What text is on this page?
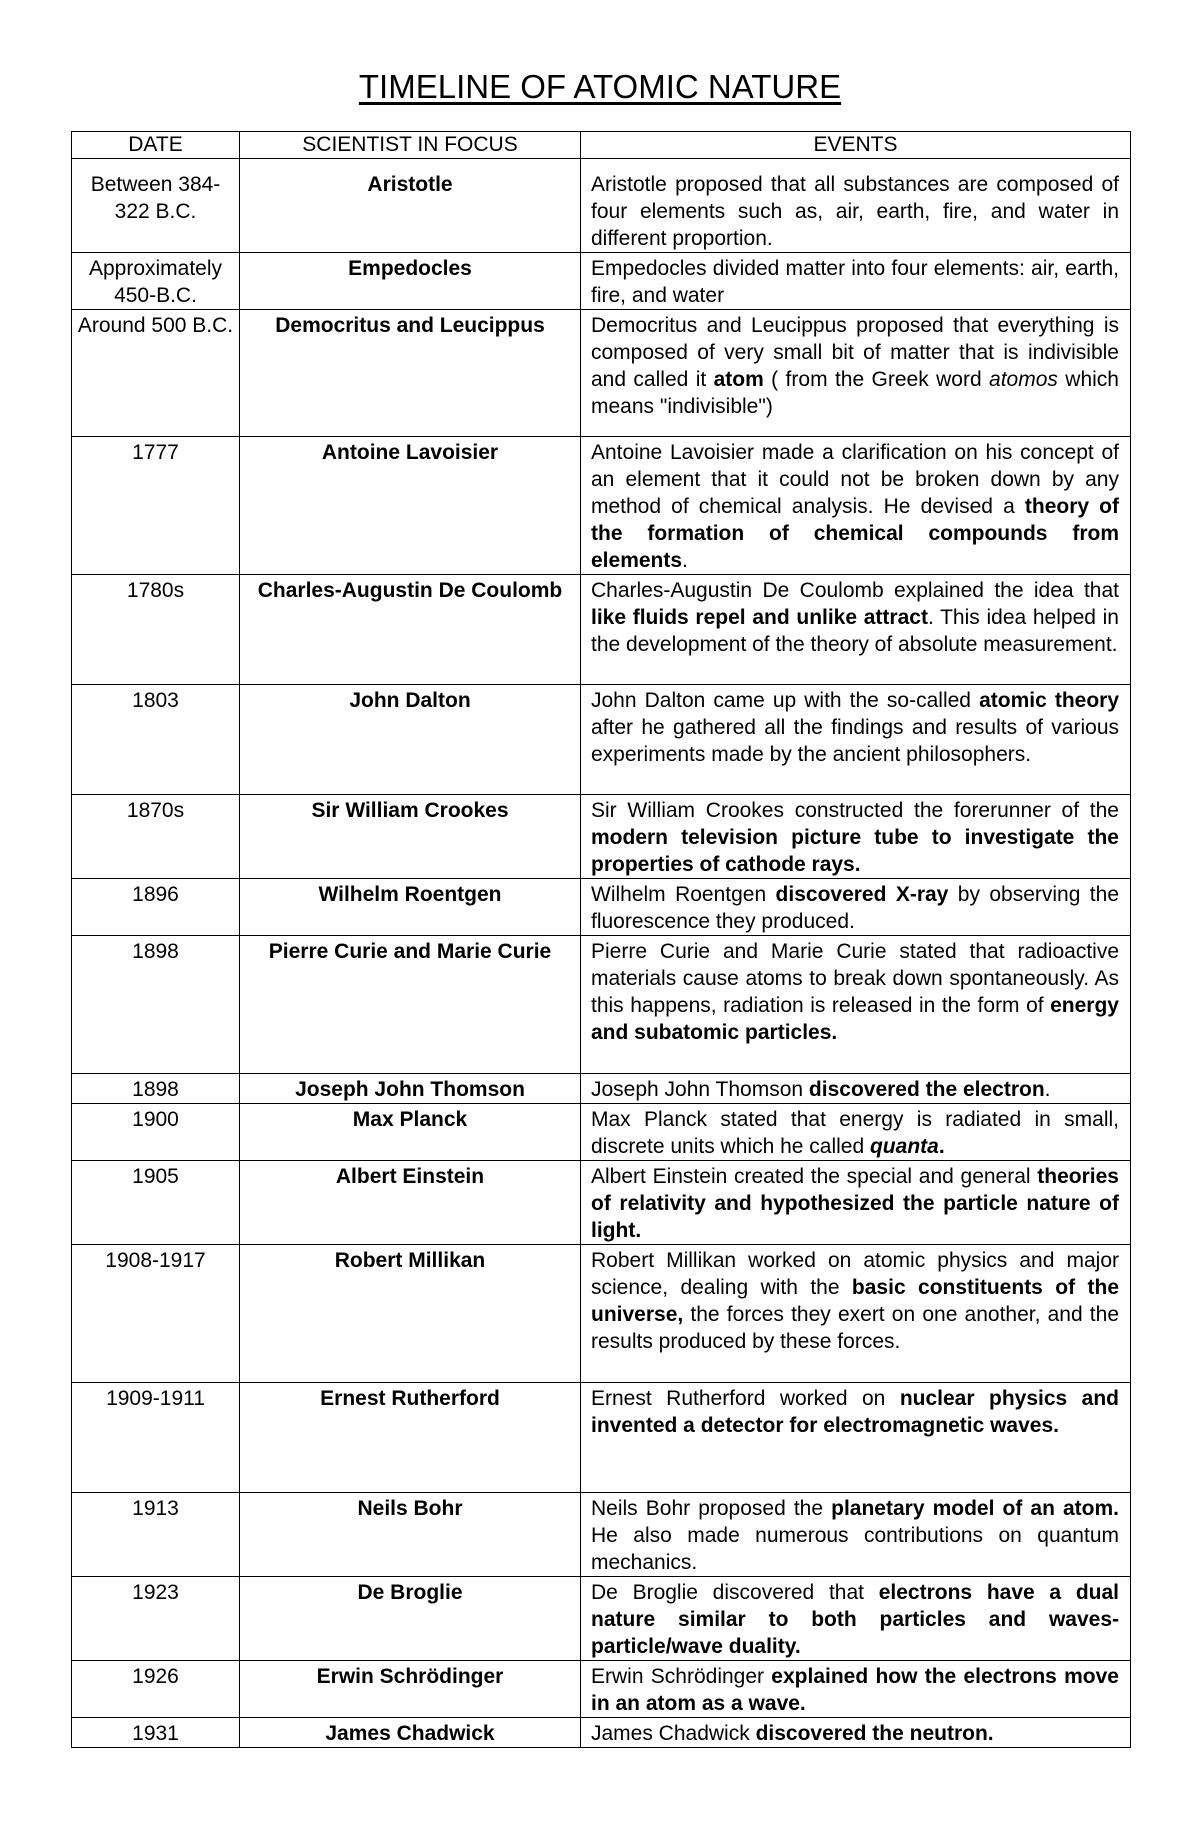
TIMELINE OF ATOMIC NATURE
DATE	SCIENTIST IN FOCUS	EVENTS
Between 384-322 B.C.	Aristotle	Aristotle proposed that all substances are composed of four elements such as, air, earth, fire, and water in different proportion.
Approximately 450-B.C.	Empedocles	Empedocles divided matter into four elements: air, earth, fire, and water
Around 500 B.C.	Democritus and Leucippus	Democritus and Leucippus proposed that everything is composed of very small bit of matter that is indivisible and called it atom ( from the Greek word atomos which means "indivisible")
1777	Antoine Lavoisier	Antoine Lavoisier made a clarification on his concept of an element that it could not be broken down by any method of chemical analysis. He devised a theory of the formation of chemical compounds from elements.
1780s	Charles-Augustin De Coulomb	Charles-Augustin De Coulomb explained the idea that like fluids repel and unlike attract. This idea helped in the development of the theory of absolute measurement.
1803	John Dalton	John Dalton came up with the so-called atomic theory after he gathered all the findings and results of various experiments made by the ancient philosophers.
1870s	Sir William Crookes	Sir William Crookes constructed the forerunner of the modern television picture tube to investigate the properties of cathode rays.
1896	Wilhelm Roentgen	Wilhelm Roentgen discovered X-ray by observing the fluorescence they produced.
1898	Pierre Curie and Marie Curie	Pierre Curie and Marie Curie stated that radioactive materials cause atoms to break down spontaneously. As this happens, radiation is released in the form of energy and subatomic particles.
1898	Joseph John Thomson	Joseph John Thomson discovered the electron.
1900	Max Planck	Max Planck stated that energy is radiated in small, discrete units which he called quanta.
1905	Albert Einstein	Albert Einstein created the special and general theories of relativity and hypothesized the particle nature of light.
1908-1917	Robert Millikan	Robert Millikan worked on atomic physics and major science, dealing with the basic constituents of the universe, the forces they exert on one another, and the results produced by these forces.
1909-1911	Ernest Rutherford	Ernest Rutherford worked on nuclear physics and invented a detector for electromagnetic waves.
1913	Neils Bohr	Neils Bohr proposed the planetary model of an atom. He also made numerous contributions on quantum mechanics.
1923	De Broglie	De Broglie discovered that electrons have a dual nature similar to both particles and waves-particle/wave duality.
1926	Erwin Schrödinger	Erwin Schrödinger explained how the electrons move in an atom as a wave.
1931	James Chadwick	James Chadwick discovered the neutron.
